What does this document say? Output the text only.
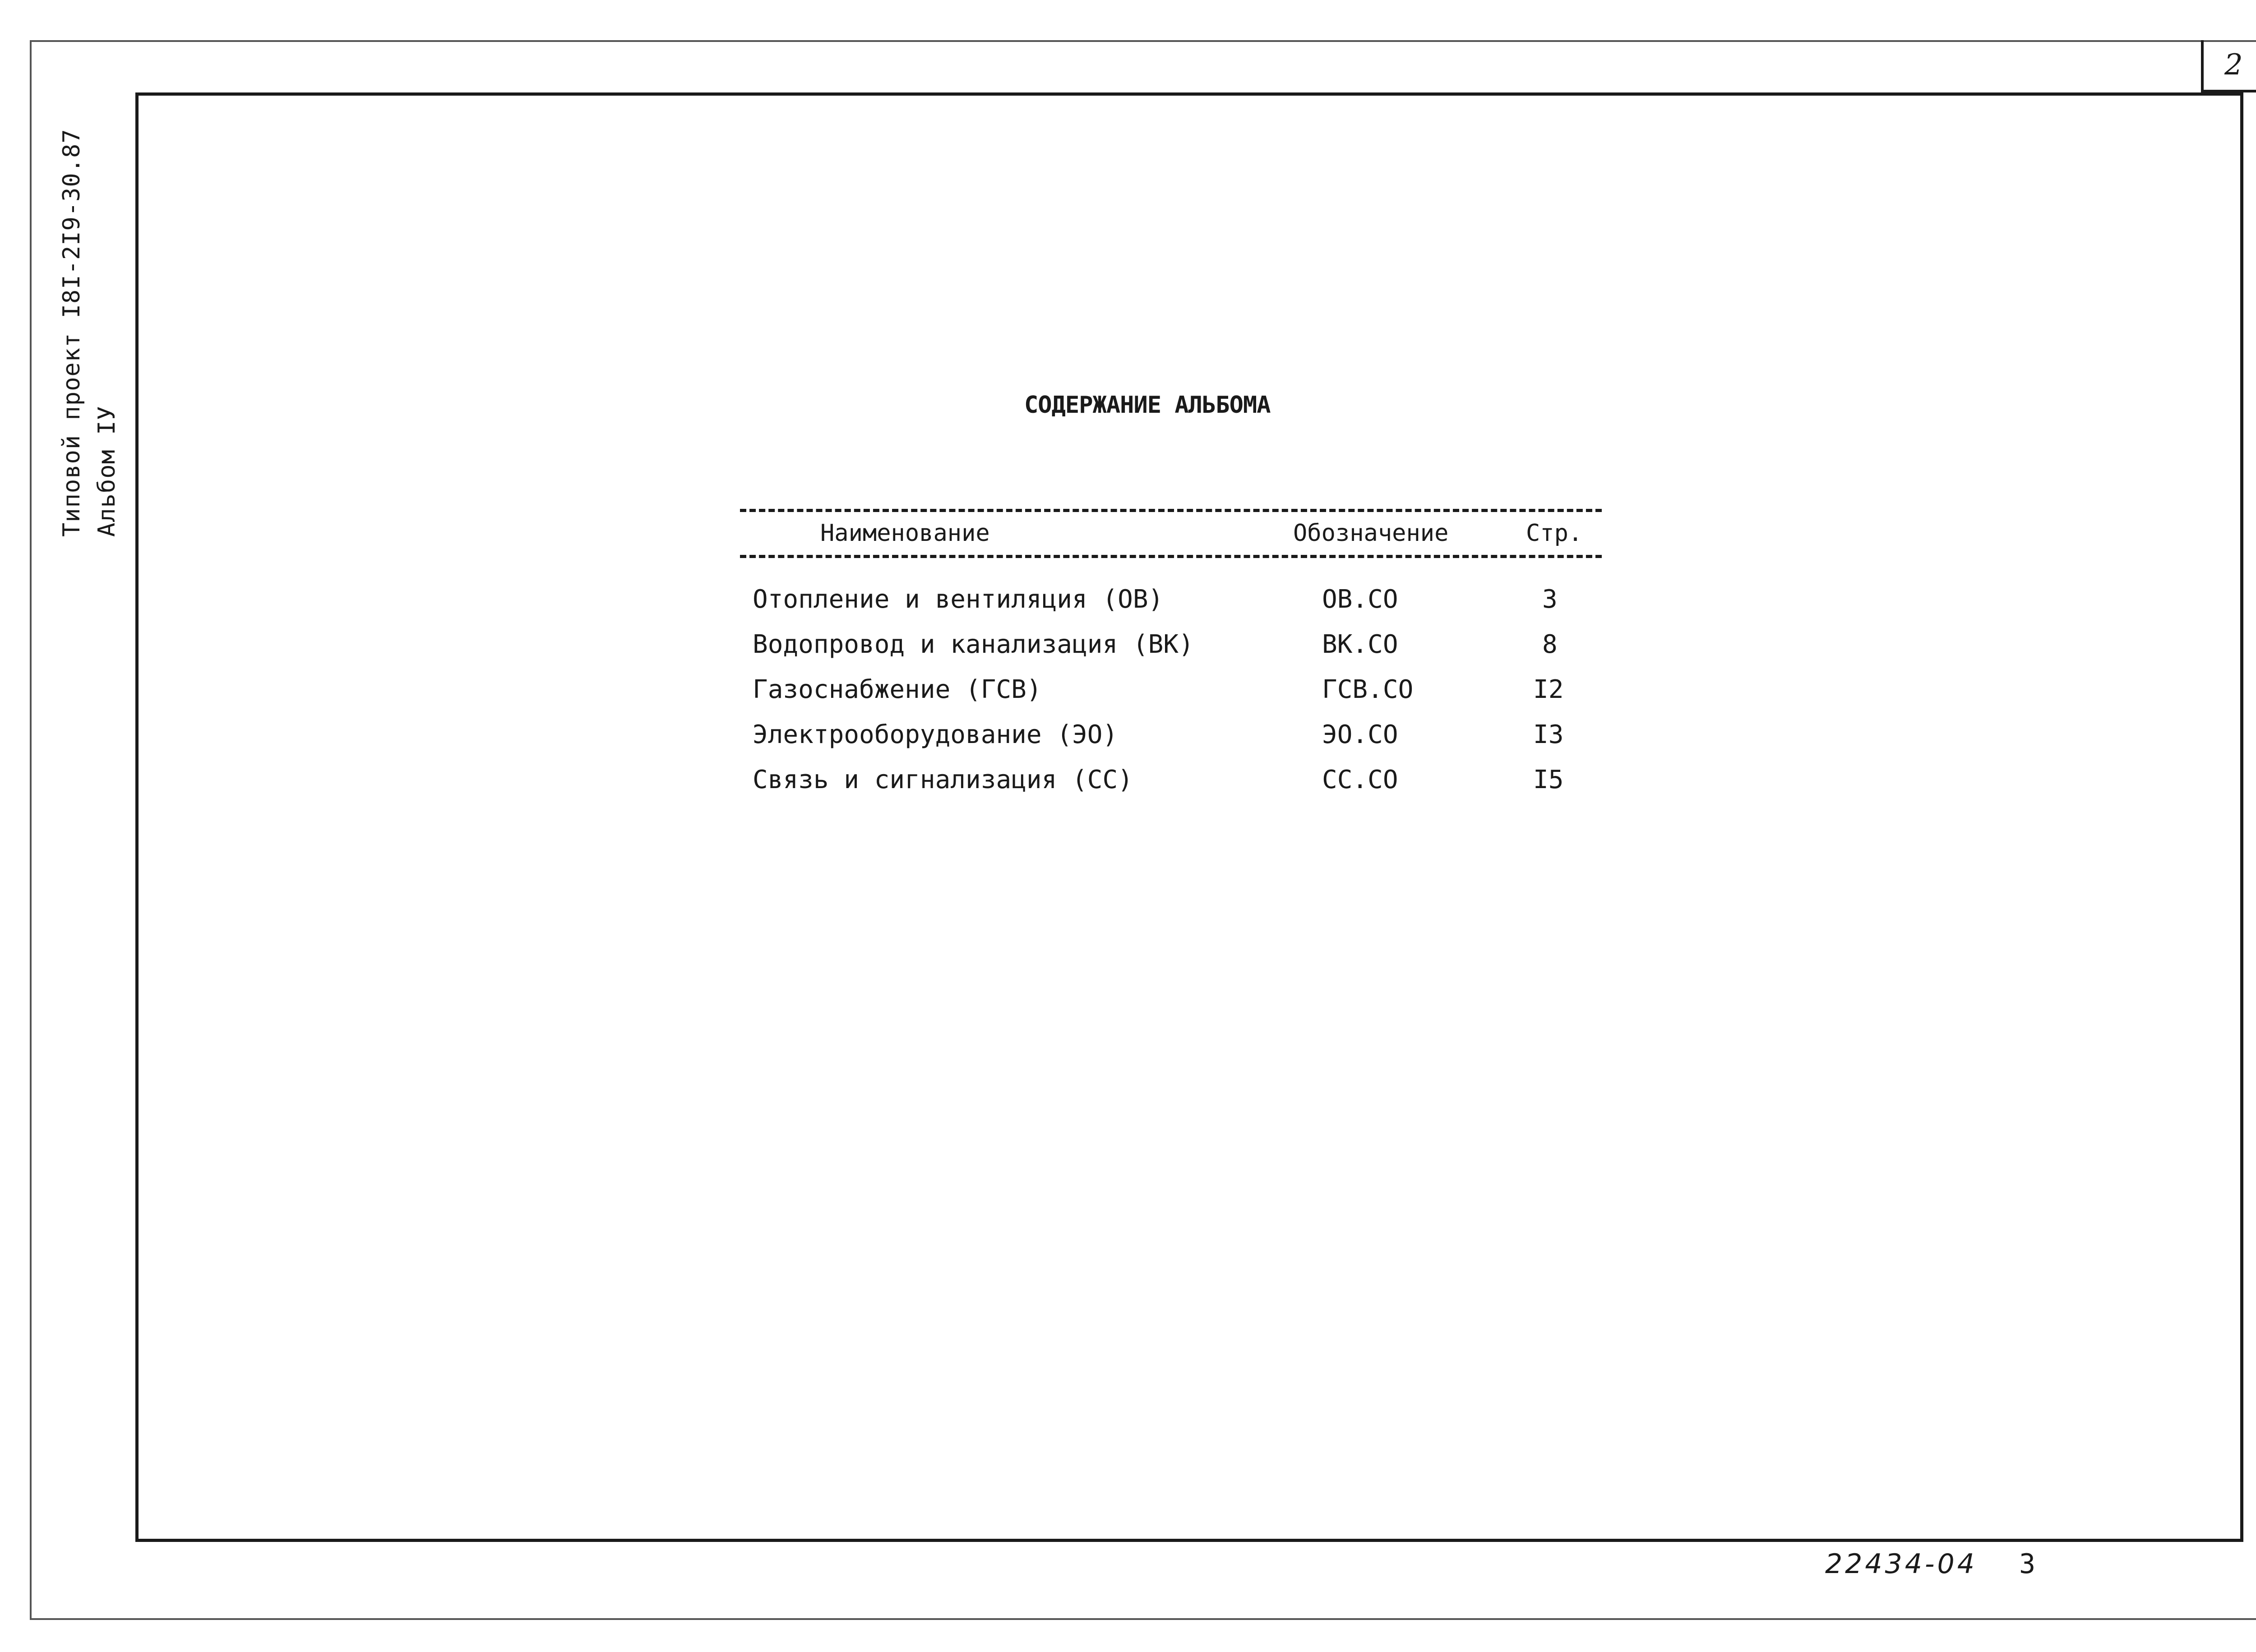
2
Типовой проект I8I-2I9-30.87 Альбом IУ
СОДЕРЖАНИЕ АЛЬБОМА
Наименование	Обозначение	Стр.
Отопление и вентиляция (ОВ)	ОВ.СО	3
Водопровод и канализация (ВК)	ВК.СО	8
Газоснабжение (ГСВ)	ГСВ.СО	I2
Электрооборудование (ЭО)	ЭО.СО	I3
Связь и сигнализация (СС)	СС.СО	I5
22434-04 3
